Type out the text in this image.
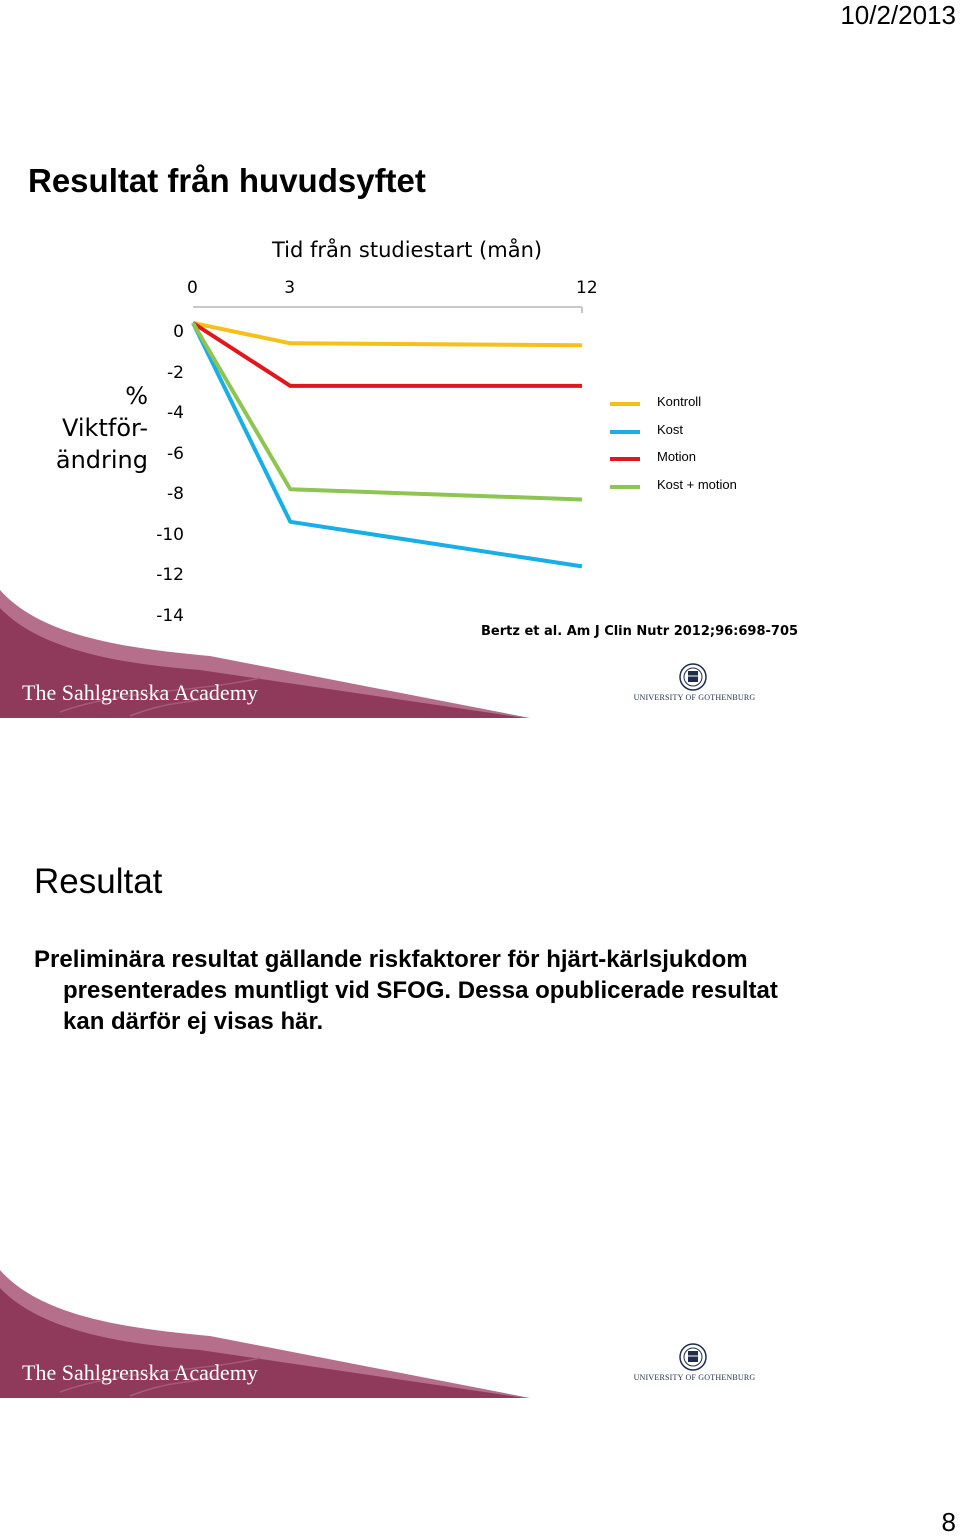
10/2/2013
Resultat från huvudsyftet
Tid från studiestart (mån)
% Viktför-ändring
0	3	12
0
-2
-4
-6
-8
-10
-12
-14
Kontroll
Kost
Motion
Kost + motion
Bertz et al. Am J Clin Nutr 2012;96:698-705
The Sahlgrenska Academy	UNIVERSITY OF GOTHENBURG
Resultat
Preliminära resultat gällande riskfaktorer för hjärt-kärlsjukdom presenterades muntligt vid SFOG. Dessa opublicerade resultat kan därför ej visas här.
The Sahlgrenska Academy	UNIVERSITY OF GOTHENBURG
8
